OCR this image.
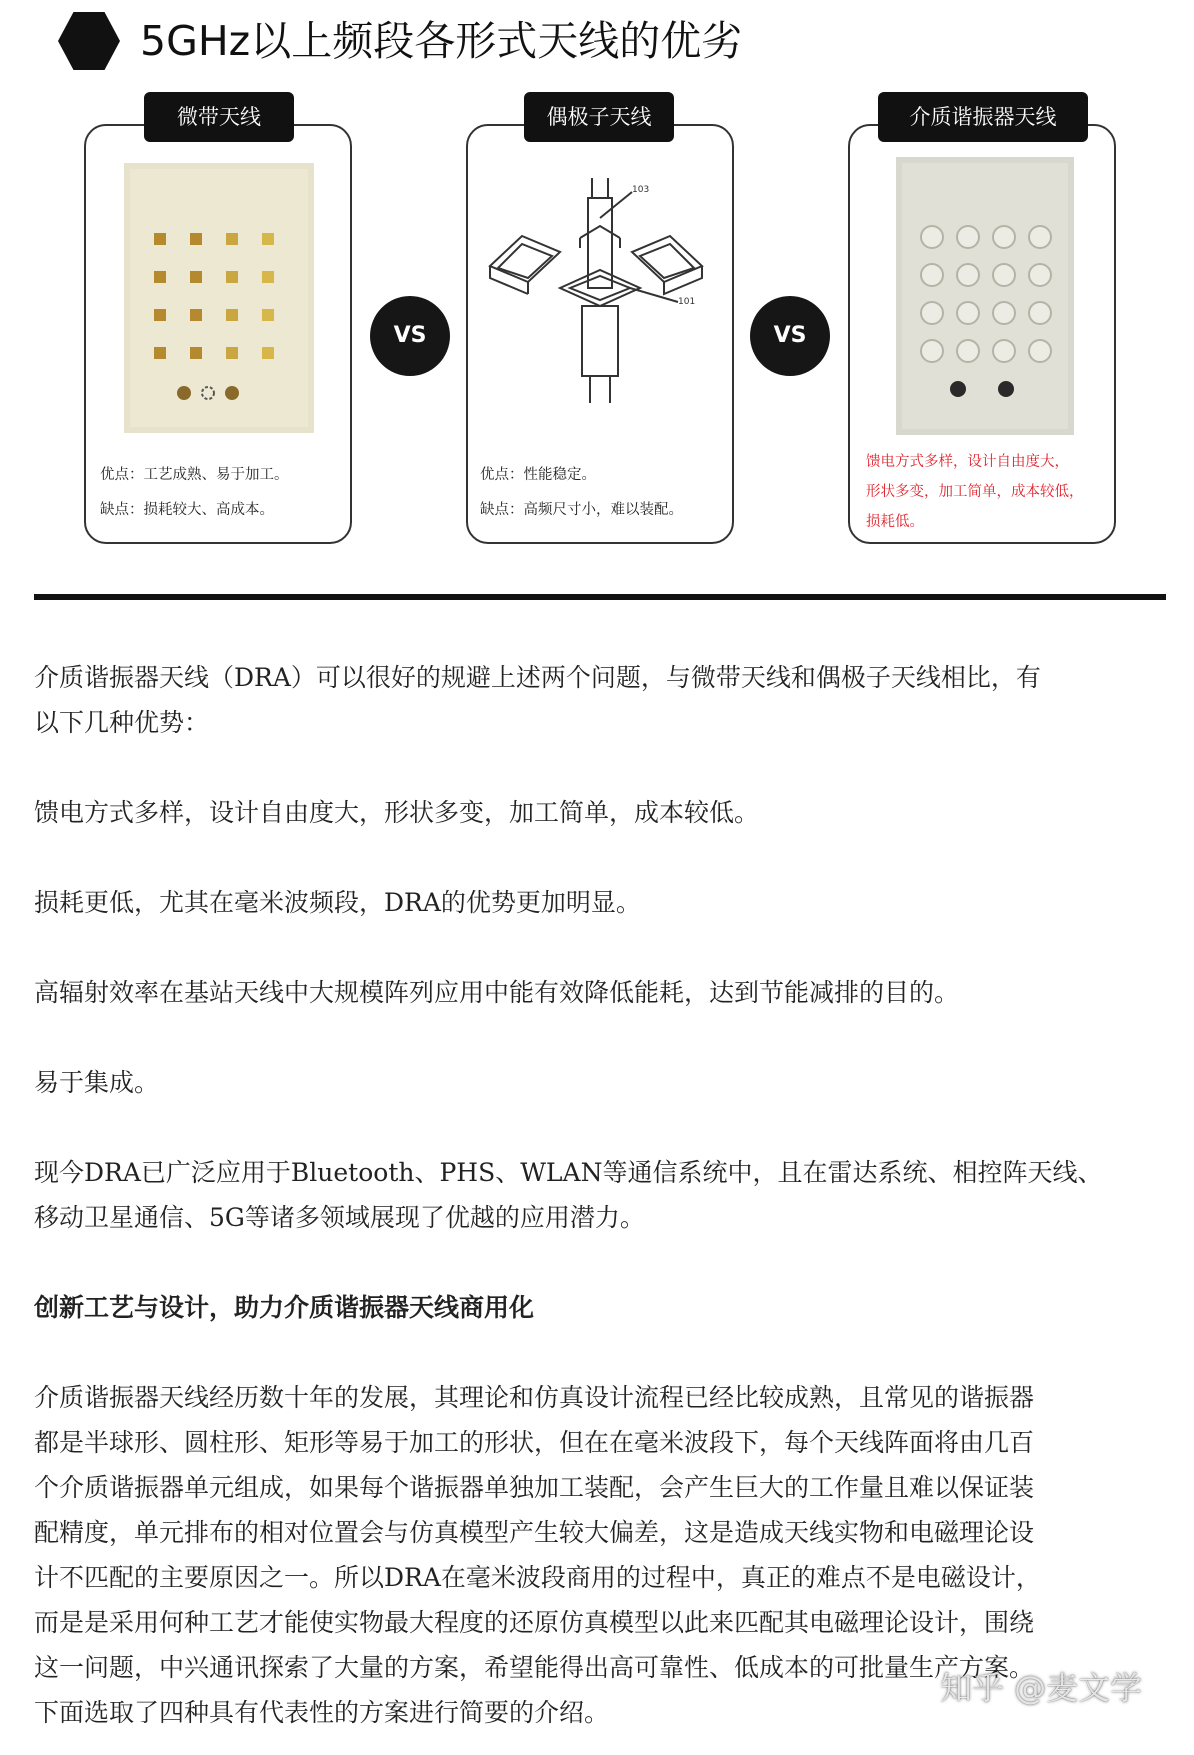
5GHz以上频段各形式天线的优劣
微带天线
优点：工艺成熟、易于加工。
缺点：损耗较大、高成本。
VS
偶极子天线
103
101
优点：性能稳定。
缺点：高频尺寸小，难以装配。
VS
介质谐振器天线
馈电方式多样，设计自由度大，
形状多变，加工简单，成本较低，
损耗低。

介质谐振器天线（DRA）可以很好的规避上述两个问题，与微带天线和偶极子天线相比，有

以下几种优势：

馈电方式多样，设计自由度大，形状多变，加工简单，成本较低。

损耗更低，尤其在毫米波频段，DRA的优势更加明显。

高辐射效率在基站天线中大规模阵列应用中能有效降低能耗，达到节能减排的目的。

易于集成。

现今DRA已广泛应用于Bluetooth、PHS、WLAN等通信系统中，且在雷达系统、相控阵天线、

移动卫星通信、5G等诸多领域展现了优越的应用潜力。

创新工艺与设计，助力介质谐振器天线商用化

介质谐振器天线经历数十年的发展，其理论和仿真设计流程已经比较成熟，且常见的谐振器

都是半球形、圆柱形、矩形等易于加工的形状，但在在毫米波段下，每个天线阵面将由几百

个介质谐振器单元组成，如果每个谐振器单独加工装配，会产生巨大的工作量且难以保证装

配精度，单元排布的相对位置会与仿真模型产生较大偏差，这是造成天线实物和电磁理论设

计不匹配的主要原因之一。所以DRA在毫米波段商用的过程中，真正的难点不是电磁设计，

而是是采用何种工艺才能使实物最大程度的还原仿真模型以此来匹配其电磁理论设计，围绕

这一问题，中兴通讯探索了大量的方案，希望能得出高可靠性、低成本的可批量生产方案。

下面选取了四种具有代表性的方案进行简要的介绍。

知乎 @麦文学
